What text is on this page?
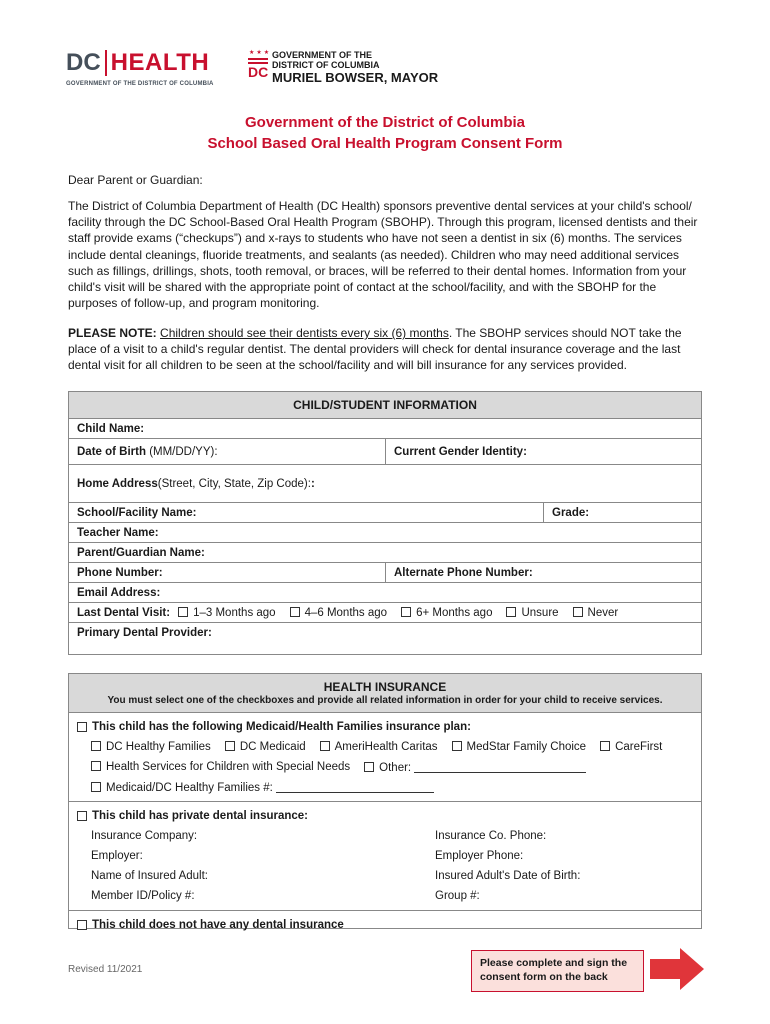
DC HEALTH
GOVERNMENT OF THE DISTRICT OF COLUMBIA
★ ★ ★
DC
GOVERNMENT OF THE
DISTRICT OF COLUMBIA
MURIEL BOWSER, MAYOR
Government of the District of Columbia
School Based Oral Health Program Consent Form
Dear Parent or Guardian:
The District of Columbia Department of Health (DC Health) sponsors preventive dental services at your child's school/ facility through the DC School-Based Oral Health Program (SBOHP). Through this program, licensed dentists and their staff provide exams (“checkups”) and x-rays to students who have not seen a dentist in six (6) months. The services include dental cleanings, fluoride treatments, and sealants (as needed). Children who may need additional services such as fillings, drillings, shots, tooth removal, or braces, will be referred to their dental homes. Information from your child's visit will be shared with the appropriate point of contact at the school/facility, and with the SBOHP for the purposes of follow-up, and program monitoring.
PLEASE NOTE: Children should see their dentists every six (6) months. The SBOHP services should NOT take the place of a visit to a child's regular dentist. The dental providers will check for dental insurance coverage and the last dental visit for all children to be seen at the school/facility and will bill insurance for any services provided.
CHILD/STUDENT INFORMATION
Child Name:
Date of Birth (MM/DD/YY):	Current Gender Identity:
Home Address (Street, City, State, Zip Code): :
School/Facility Name:	Grade:
Teacher Name:
Parent/Guardian Name:
Phone Number:	Alternate Phone Number:
Email Address:
Last Dental Visit:	1–3 Months ago	4–6 Months ago	6+ Months ago	Unsure	Never
Primary Dental Provider:
HEALTH INSURANCE
You must select one of the checkboxes and provide all related information in order for your child to receive services.
This child has the following Medicaid/Health Families insurance plan:
DC Healthy Families	DC Medicaid	AmeriHealth Caritas	MedStar Family Choice	CareFirst
Health Services for Children with Special Needs	Other:
Medicaid/DC Healthy Families #:
This child has private dental insurance:
Insurance Company:	Insurance Co. Phone:
Employer:	Employer Phone:
Name of Insured Adult:	Insured Adult's Date of Birth:
Member ID/Policy #:	Group #:
This child does not have any dental insurance
Revised 11/2021
Please complete and sign the consent form on the back
